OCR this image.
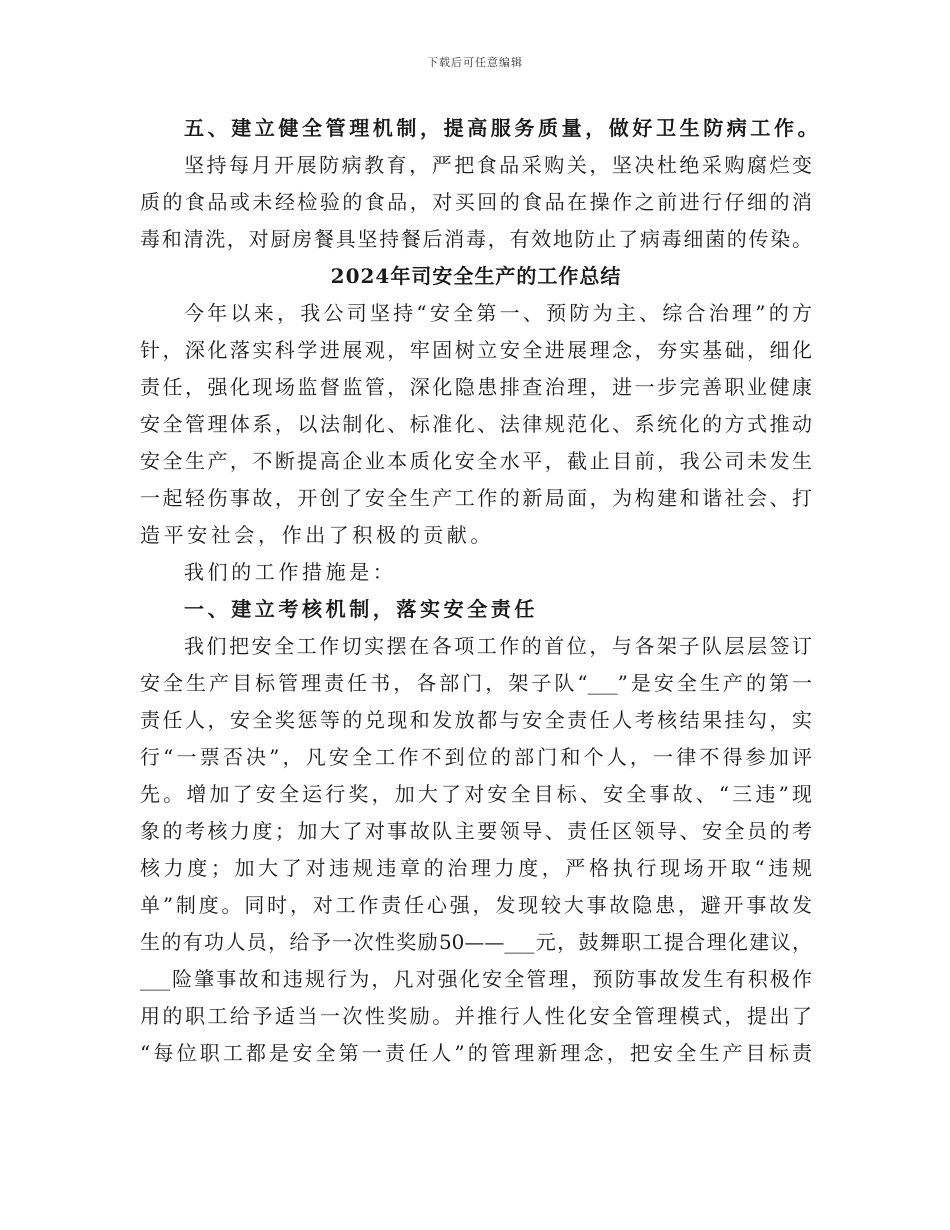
下载后可任意编辑
五、建立健全管理机制，提高服务质量，做好卫生防病工作。
坚持每月开展防病教育，严把食品采购关，坚决杜绝采购腐烂变
质的食品或未经检验的食品，对买回的食品在操作之前进行仔细的消
毒和清洗，对厨房餐具坚持餐后消毒，有效地防止了病毒细菌的传染。
2024年司安全生产的工作总结
今年以来，我公司坚持“安全第一、预防为主、综合治理”的方
针，深化落实科学进展观，牢固树立安全进展理念，夯实基础，细化
责任，强化现场监督监管，深化隐患排查治理，进一步完善职业健康
安全管理体系，以法制化、标准化、法律规范化、系统化的方式推动
安全生产，不断提高企业本质化安全水平，截止目前，我公司未发生
一起轻伤事故，开创了安全生产工作的新局面，为构建和谐社会、打
造平安社会，作出了积极的贡献。
我们的工作措施是：
一、建立考核机制，落实安全责任
我们把安全工作切实摆在各项工作的首位，与各架子队层层签订
安全生产目标管理责任书，各部门，架子队“___”是安全生产的第一
责任人，安全奖惩等的兑现和发放都与安全责任人考核结果挂勾，实
行“一票否决”，凡安全工作不到位的部门和个人，一律不得参加评
先。增加了安全运行奖，加大了对安全目标、安全事故、“三违”现
象的考核力度；加大了对事故队主要领导、责任区领导、安全员的考
核力度；加大了对违规违章的治理力度，严格执行现场开取“违规
单”制度。同时，对工作责任心强，发现较大事故隐患，避开事故发
生的有功人员，给予一次性奖励50——___元，鼓舞职工提合理化建议，
___险肇事故和违规行为，凡对强化安全管理，预防事故发生有积极作
用的职工给予适当一次性奖励。并推行人性化安全管理模式，提出了
“每位职工都是安全第一责任人”的管理新理念，把安全生产目标责
